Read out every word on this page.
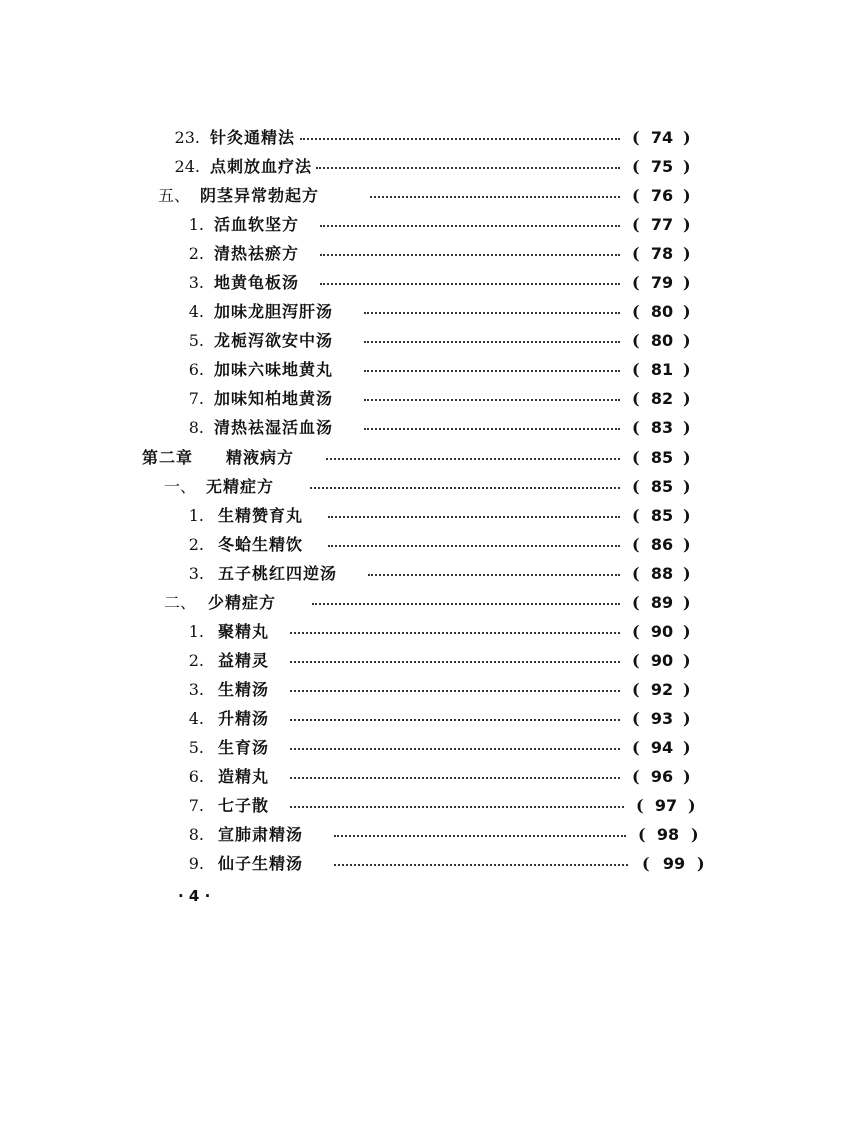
23. 针灸通精法	( 74 )
24. 点刺放血疗法	( 75 )
五、 阴茎异常勃起方	( 76 )
1. 活血软坚方	( 77 )
2. 清热祛瘀方	( 78 )
3. 地黄龟板汤	( 79 )
4. 加味龙胆泻肝汤	( 80 )
5. 龙栀泻欲安中汤	( 80 )
6. 加味六味地黄丸	( 81 )
7. 加味知柏地黄汤	( 82 )
8. 清热祛湿活血汤	( 83 )
第二章 精液病方	( 85 )
一、 无精症方	( 85 )
1. 生精赞育丸	( 85 )
2. 冬蛤生精饮	( 86 )
3. 五子桃红四逆汤	( 88 )
二、 少精症方	( 89 )
1. 聚精丸	( 90 )
2. 益精灵	( 90 )
3. 生精汤	( 92 )
4. 升精汤	( 93 )
5. 生育汤	( 94 )
6. 造精丸	( 96 )
7. 七子散	( 97 )
8. 宣肺肃精汤	( 98 )
9. 仙子生精汤	( 99 )
· 4 ·
